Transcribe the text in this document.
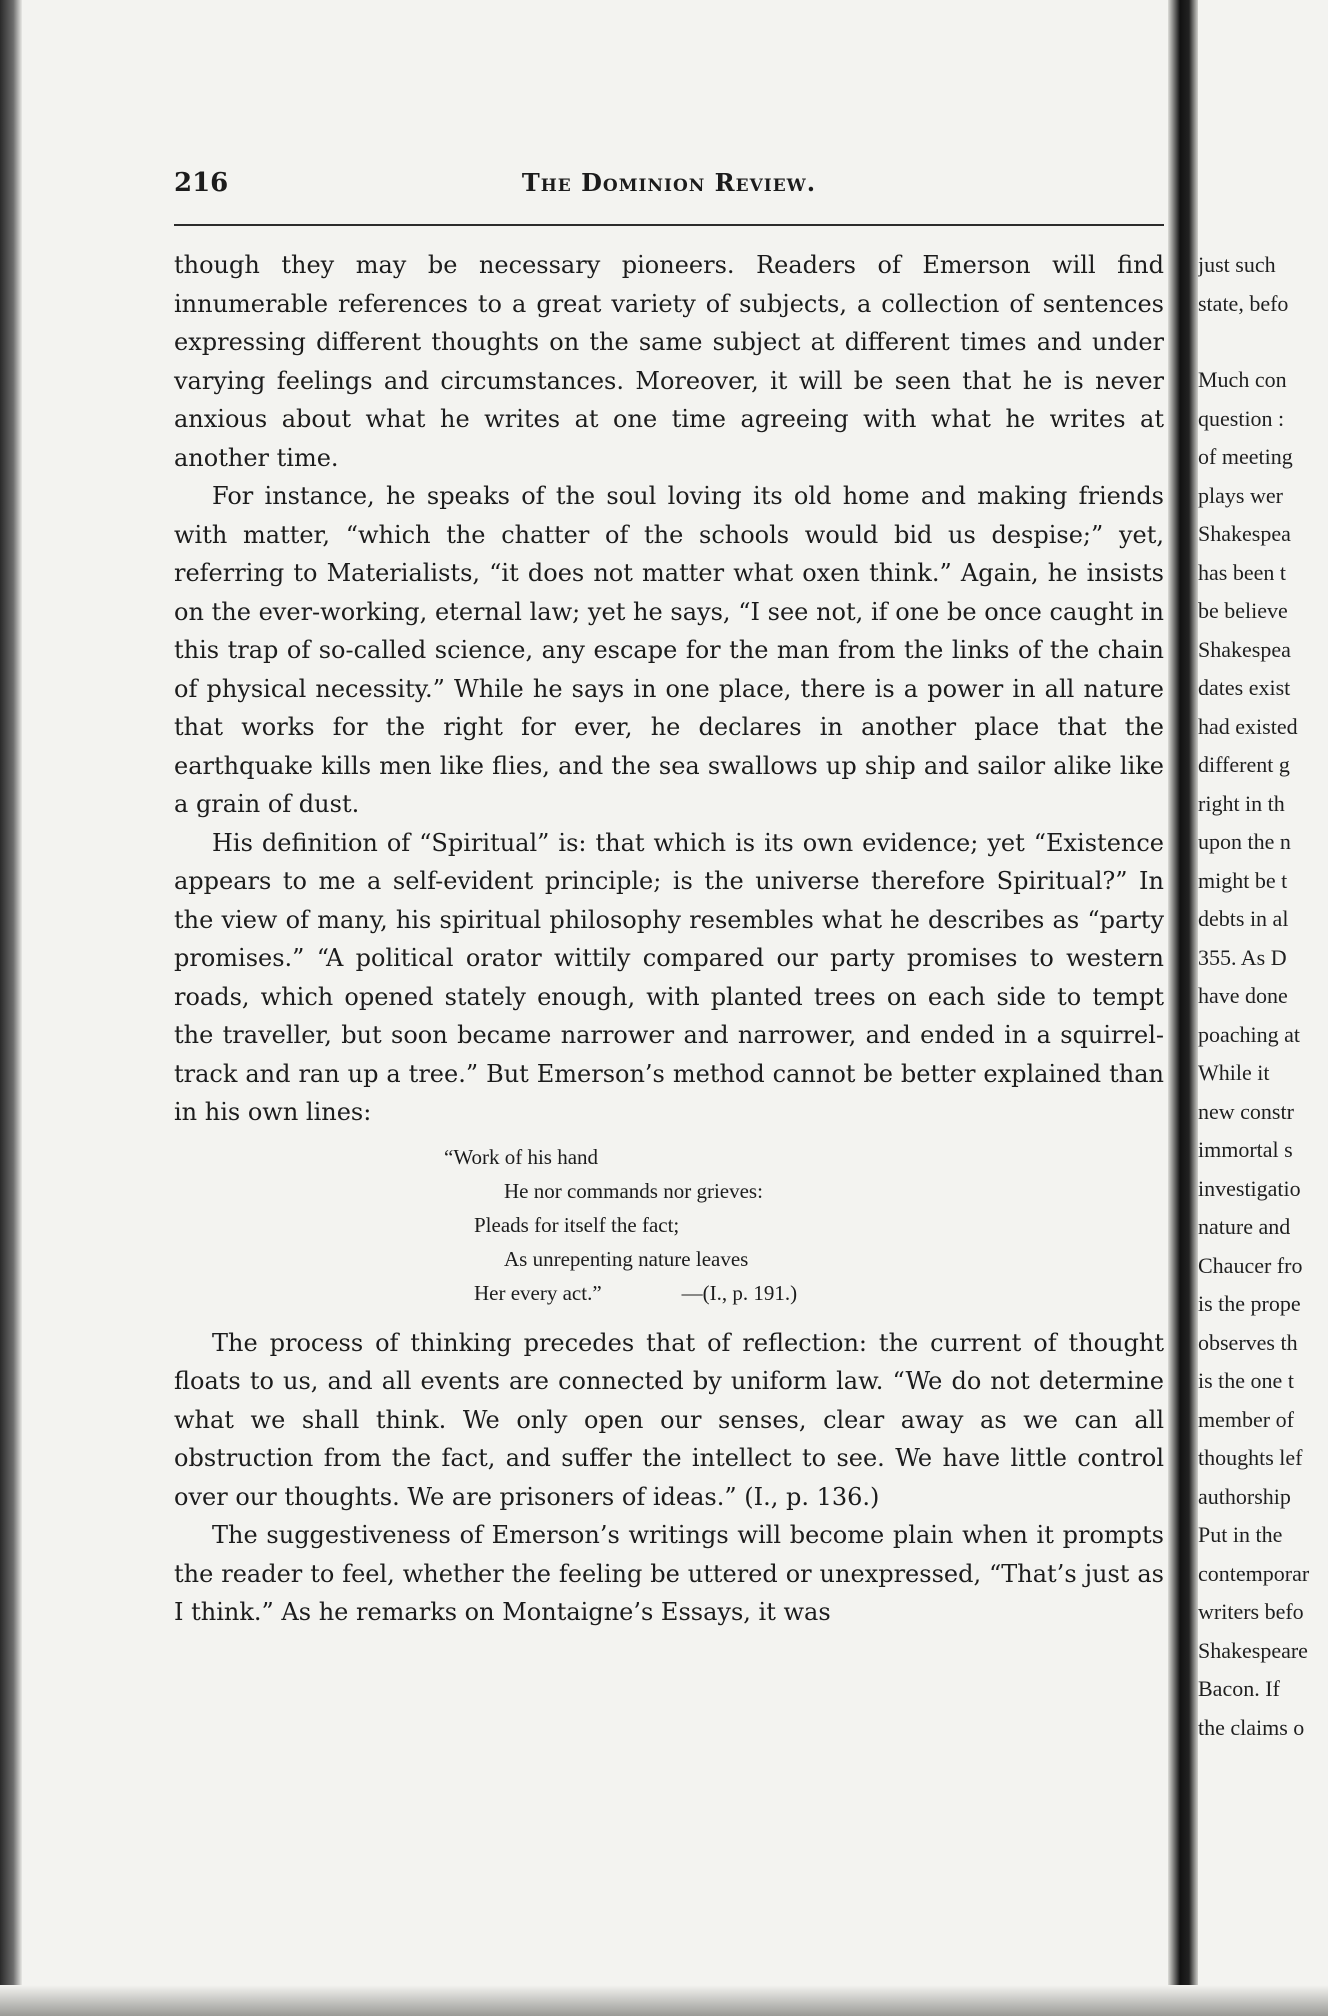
216	The Dominion Review.

though they may be necessary pioneers. Readers of Emerson will find innumerable references to a great variety of subjects, a collection of sentences expressing different thoughts on the same subject at different times and under varying feelings and circumstances. Moreover, it will be seen that he is never anxious about what he writes at one time agreeing with what he writes at another time.

For instance, he speaks of the soul loving its old home and making friends with matter, “which the chatter of the schools would bid us despise;” yet, referring to Materialists, “it does not matter what oxen think.” Again, he insists on the ever-working, eternal law; yet he says, “I see not, if one be once caught in this trap of so-called science, any escape for the man from the links of the chain of physical necessity.” While he says in one place, there is a power in all nature that works for the right for ever, he declares in another place that the earthquake kills men like flies, and the sea swallows up ship and sailor alike like a grain of dust.

His definition of “Spiritual” is: that which is its own evidence; yet “Existence appears to me a self-evident principle; is the universe therefore Spiritual?” In the view of many, his spiritual philosophy resembles what he describes as “party promises.” “A political orator wittily compared our party promises to western roads, which opened stately enough, with planted trees on each side to tempt the traveller, but soon became narrower and narrower, and ended in a squirrel-track and ran up a tree.” But Emerson’s method cannot be better explained than in his own lines:

“Work of his hand
He nor commands nor grieves:
Pleads for itself the fact;
As unrepenting nature leaves
Her every act.”	—(I., p. 191.)

The process of thinking precedes that of reflection: the current of thought floats to us, and all events are connected by uniform law. “We do not determine what we shall think. We only open our senses, clear away as we can all obstruction from the fact, and suffer the intellect to see. We have little control over our thoughts. We are prisoners of ideas.” (I., p. 136.)

The suggestiveness of Emerson’s writings will become plain when it prompts the reader to feel, whether the feeling be uttered or unexpressed, “That’s just as I think.” As he remarks on Montaigne’s Essays, it was

just such
state, befo
Much con
question :
of meeting
plays wer
Shakespea
has been t
be believe
Shakespea
dates exist
had existed
different g
right in th
upon the n
might be t
debts in al
355. As D
have done
poaching at
While it
new constr
immortal s
investigatio
nature and
Chaucer fro
is the prope
observes th
is the one t
member of
thoughts lef
authorship
Put in the
contemporar
writers befo
Shakespeare
Bacon. If
the claims o
